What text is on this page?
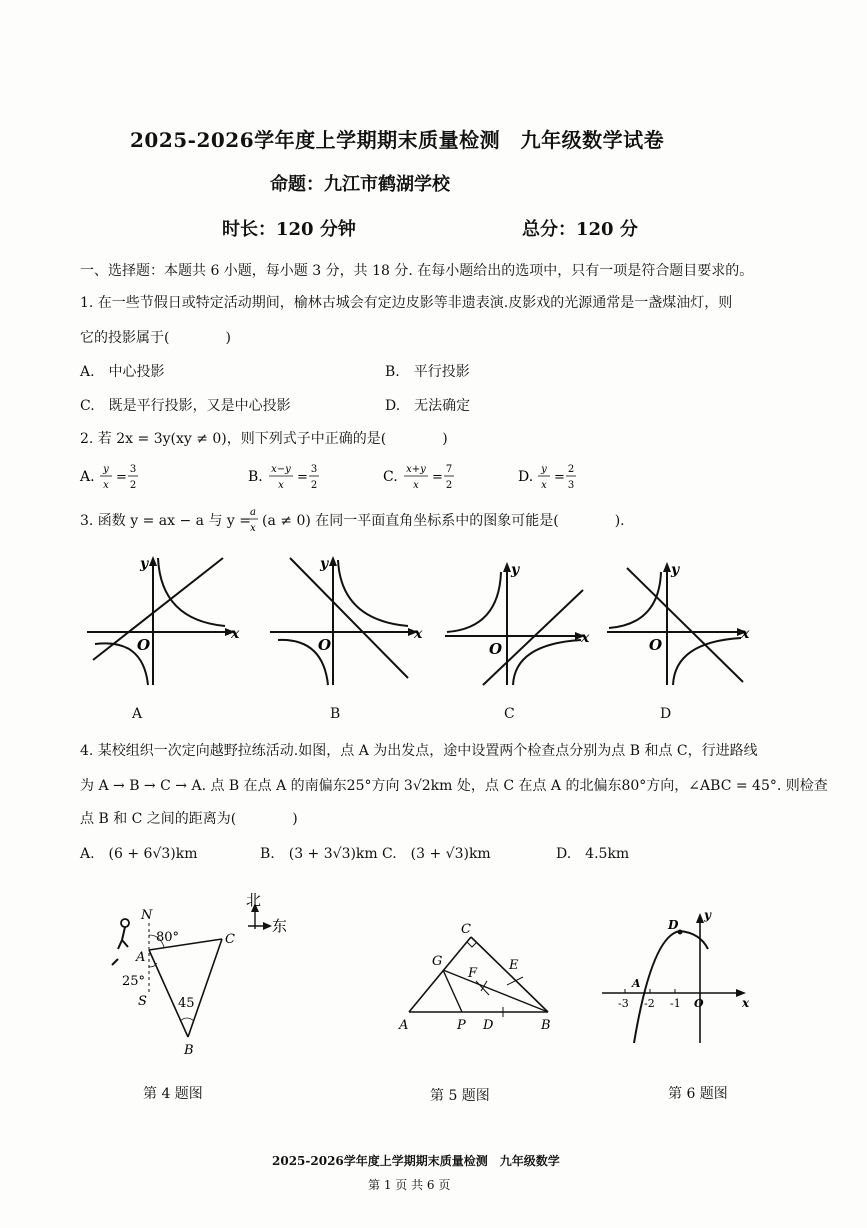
2025-2026学年度上学期期末质量检测　九年级数学试卷
命题：九江市鹤湖学校
时长：120 分钟	总分：120 分
一、选择题：本题共 6 小题，每小题 3 分，共 18 分. 在每小题给出的选项中，只有一项是符合题目要求的。
1. 在一些节假日或特定活动期间，榆林古城会有定边皮影等非遗表演.皮影戏的光源通常是一盏煤油灯，则
它的投影属于(　　　　)
A.　中心投影	B.　平行投影
C.　既是平行投影，又是中心投影	D.　无法确定
2. 若 2x = 3y(xy ≠ 0)，则下列式子中正确的是(　　　　)
A. y
x
=
3
2
B. x−y
x
=
3
2
C. x+y
x
=
7
2
D. y
x
=
2
3
3. 函数 y = ax − a 与 y =
a
x (a ≠ 0) 在同一平面直角坐标系中的图象可能是(　　　　).
x
y
O
A
x
y
O
B
x
y
O
C
x
y
O
D
4. 某校组织一次定向越野拉练活动.如图，点 A 为出发点，途中设置两个检查点分别为点 B 和点 C，行进路线
为 A → B → C → A. 点 B 在点 A 的南偏东25°方向 3√2km 处，点 C 在点 A 的北偏东80°方向，∠ABC = 45°. 则检查
点 B 和 C 之间的距离为(　　　　)
A.　(6 + 6√3)km	B.　(3 + 3√3)km C.　(3 + √3)km	D.　4.5km
北
东
N
A
S
B
C
80°
25°
45
第 4 题图
C
G
F
E
A	P D	B
第 5 题图
D
y
x
A
-3 -2 -1 O
第 6 题图
2025-2026学年度上学期期末质量检测　九年级数学
第 1 页 共 6 页
